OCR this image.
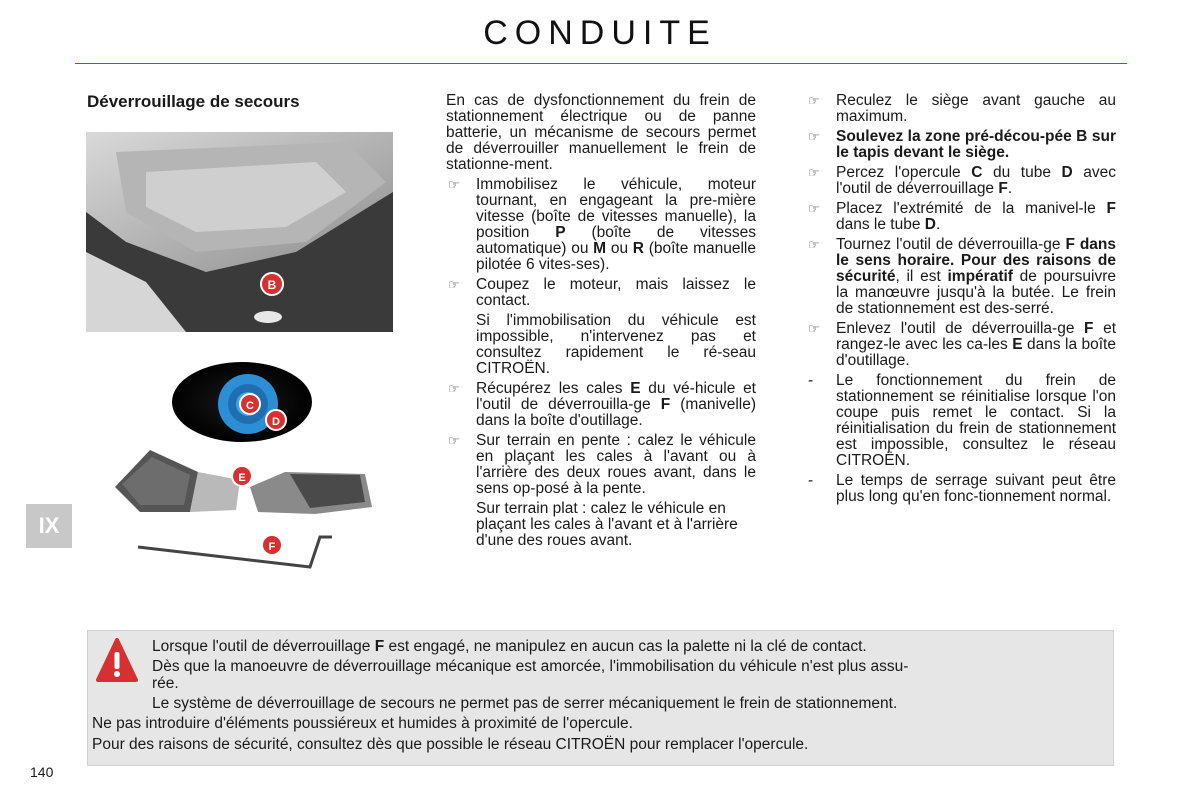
CONDUITE
IX
140
Déverrouillage de secours
B
C
D
E
F

En cas de dysfonctionnement du frein de stationnement électrique ou de panne batterie, un mécanisme de secours permet de déverrouiller manuellement le frein de stationne-ment.

☞ Immobilisez le véhicule, moteur tournant, en engageant la pre-mière vitesse (boîte de vitesses manuelle), la position P (boîte de vitesses automatique) ou M ou R (boîte manuelle pilotée 6 vites-ses).
☞ Coupez le moteur, mais laissez le contact.
Si l'immobilisation du véhicule est impossible, n'intervenez pas et consultez rapidement le ré-seau CITROËN.
☞ Récupérez les cales E du vé-hicule et l'outil de déverrouilla-ge F (manivelle) dans la boîte d'outillage.
☞ Sur terrain en pente : calez le véhicule en plaçant les cales à l'avant ou à l'arrière des deux roues avant, dans le sens op-posé à la pente.
Sur terrain plat : calez le véhicule en plaçant les cales à l'avant et à l'arrière d'une des roues avant.
☞ Reculez le siège avant gauche au maximum.
☞ Soulevez la zone pré-décou-pée B sur le tapis devant le siège.
☞ Percez l'opercule C du tube D avec l'outil de déverrouillage F.
☞ Placez l'extrémité de la manivel-le F dans le tube D.
☞ Tournez l'outil de déverrouilla-ge F dans le sens horaire. Pour des raisons de sécurité, il est impératif de poursuivre la manœuvre jusqu'à la butée. Le frein de stationnement est des-serré.
☞ Enlevez l'outil de déverrouilla-ge F et rangez-le avec les ca-les E dans la boîte d'outillage.
- Le fonctionnement du frein de stationnement se réinitialise lorsque l'on coupe puis remet le contact. Si la réinitialisation du frein de stationnement est impossible, consultez le réseau CITROËN.
- Le temps de serrage suivant peut être plus long qu'en fonc-tionnement normal.
Lorsque l'outil de déverrouillage F est engagé, ne manipulez en aucun cas la palette ni la clé de contact.
Dès que la manoeuvre de déverrouillage mécanique est amorcée, l'immobilisation du véhicule n'est plus assu-
rée.
Le système de déverrouillage de secours ne permet pas de serrer mécaniquement le frein de stationnement.
Ne pas introduire d'éléments poussiéreux et humides à proximité de l'opercule.
Pour des raisons de sécurité, consultez dès que possible le réseau CITROËN pour remplacer l'opercule.
